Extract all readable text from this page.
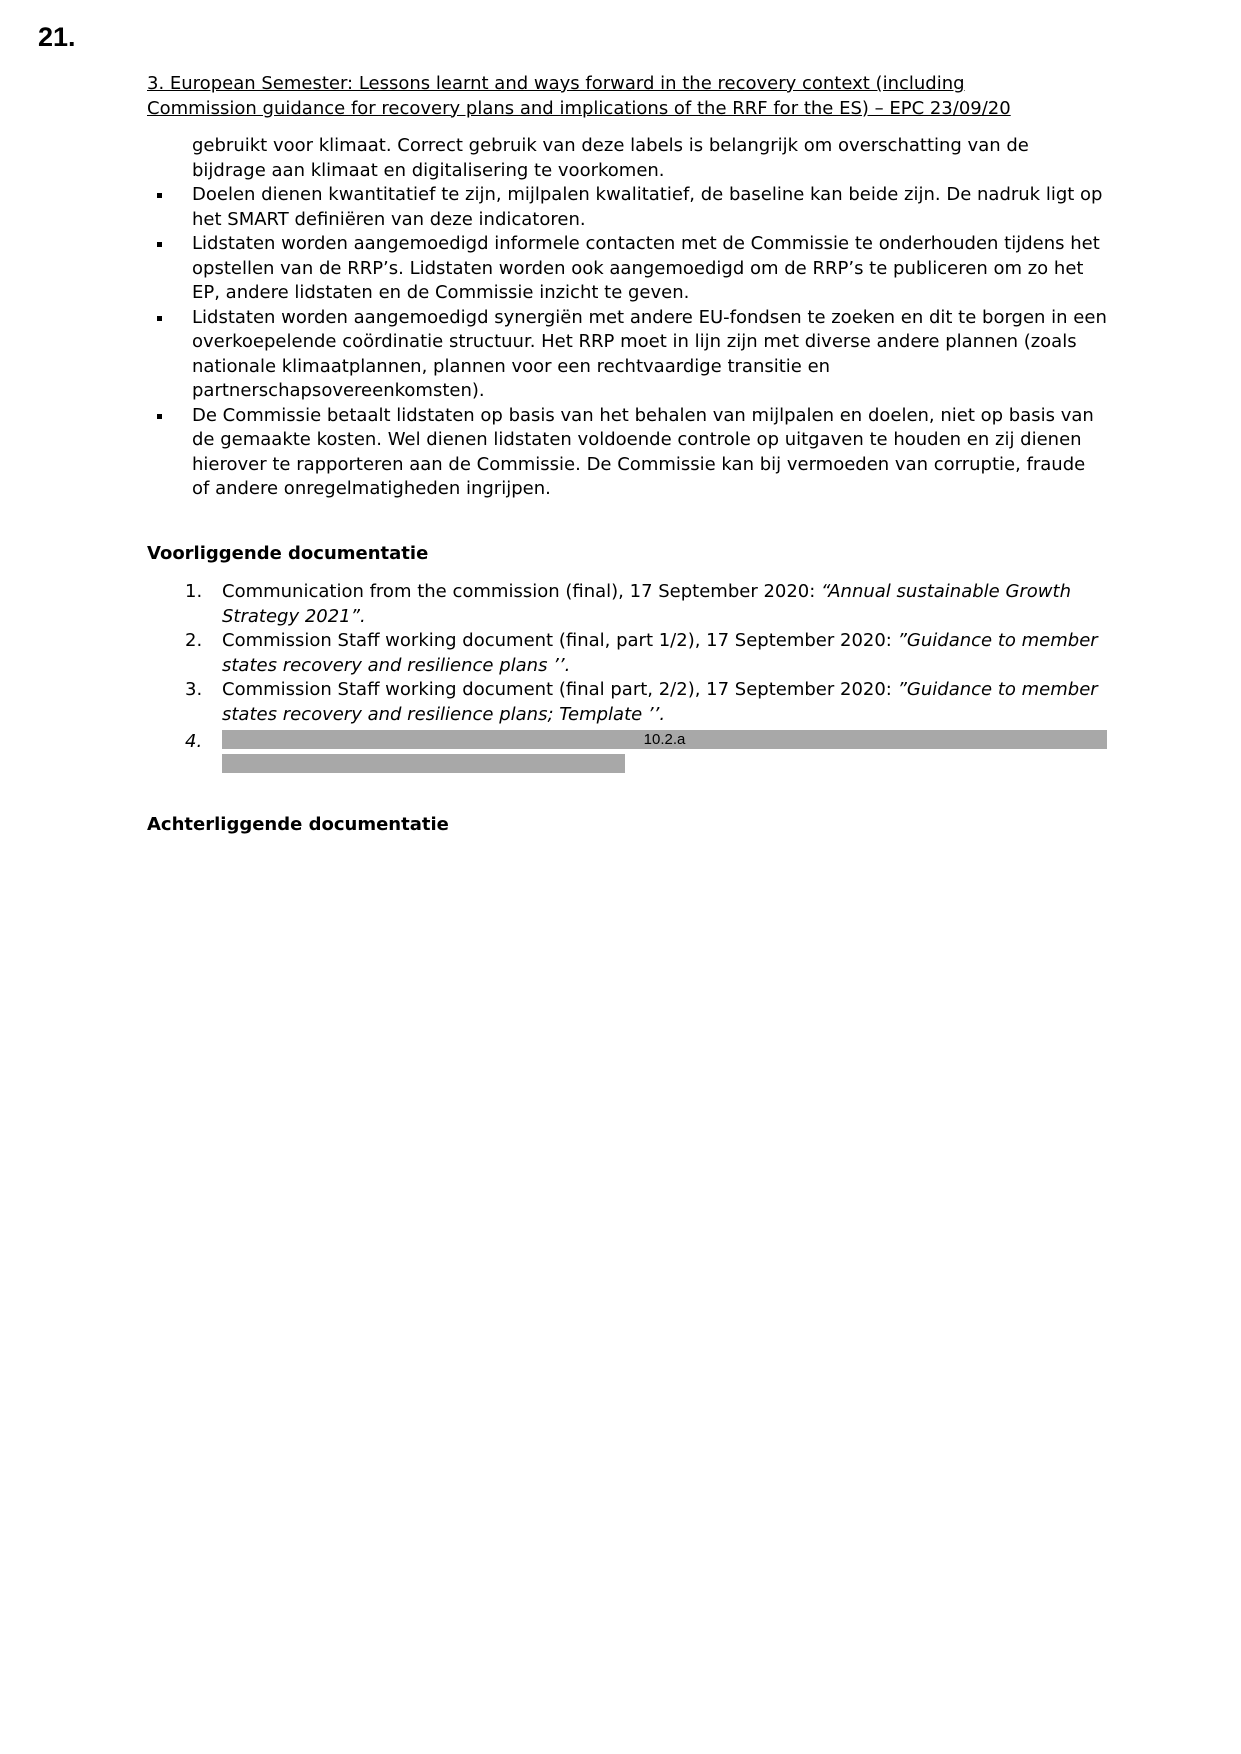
21.
3. European Semester: Lessons learnt and ways forward in the recovery context (including
Commission guidance for recovery plans and implications of the RRF for the ES) – EPC 23/09/20
gebruikt voor klimaat. Correct gebruik van deze labels is belangrijk om overschatting van de bijdrage aan klimaat en digitalisering te voorkomen.
Doelen dienen kwantitatief te zijn, mijlpalen kwalitatief, de baseline kan beide zijn. De nadruk ligt op het SMART definiëren van deze indicatoren.
Lidstaten worden aangemoedigd informele contacten met de Commissie te onderhouden tijdens het opstellen van de RRP’s. Lidstaten worden ook aangemoedigd om de RRP’s te publiceren om zo het EP, andere lidstaten en de Commissie inzicht te geven.
Lidstaten worden aangemoedigd synergiën met andere EU-fondsen te zoeken en dit te borgen in een overkoepelende coördinatie structuur. Het RRP moet in lijn zijn met diverse andere plannen (zoals nationale klimaatplannen, plannen voor een rechtvaardige transitie en partnerschapsovereenkomsten).
De Commissie betaalt lidstaten op basis van het behalen van mijlpalen en doelen, niet op basis van de gemaakte kosten. Wel dienen lidstaten voldoende controle op uitgaven te houden en zij dienen hierover te rapporteren aan de Commissie. De Commissie kan bij vermoeden van corruptie, fraude of andere onregelmatigheden ingrijpen.
Voorliggende documentatie
1. Communication from the commission (final), 17 September 2020: “Annual sustainable Growth Strategy 2021”.
2. Commission Staff working document (final, part 1/2), 17 September 2020: ”Guidance to member states recovery and resilience plans ’’.
3. Commission Staff working document (final part, 2/2), 17 September 2020: ”Guidance to member states recovery and resilience plans; Template ’’.
4.	10.2.a
Achterliggende documentatie
